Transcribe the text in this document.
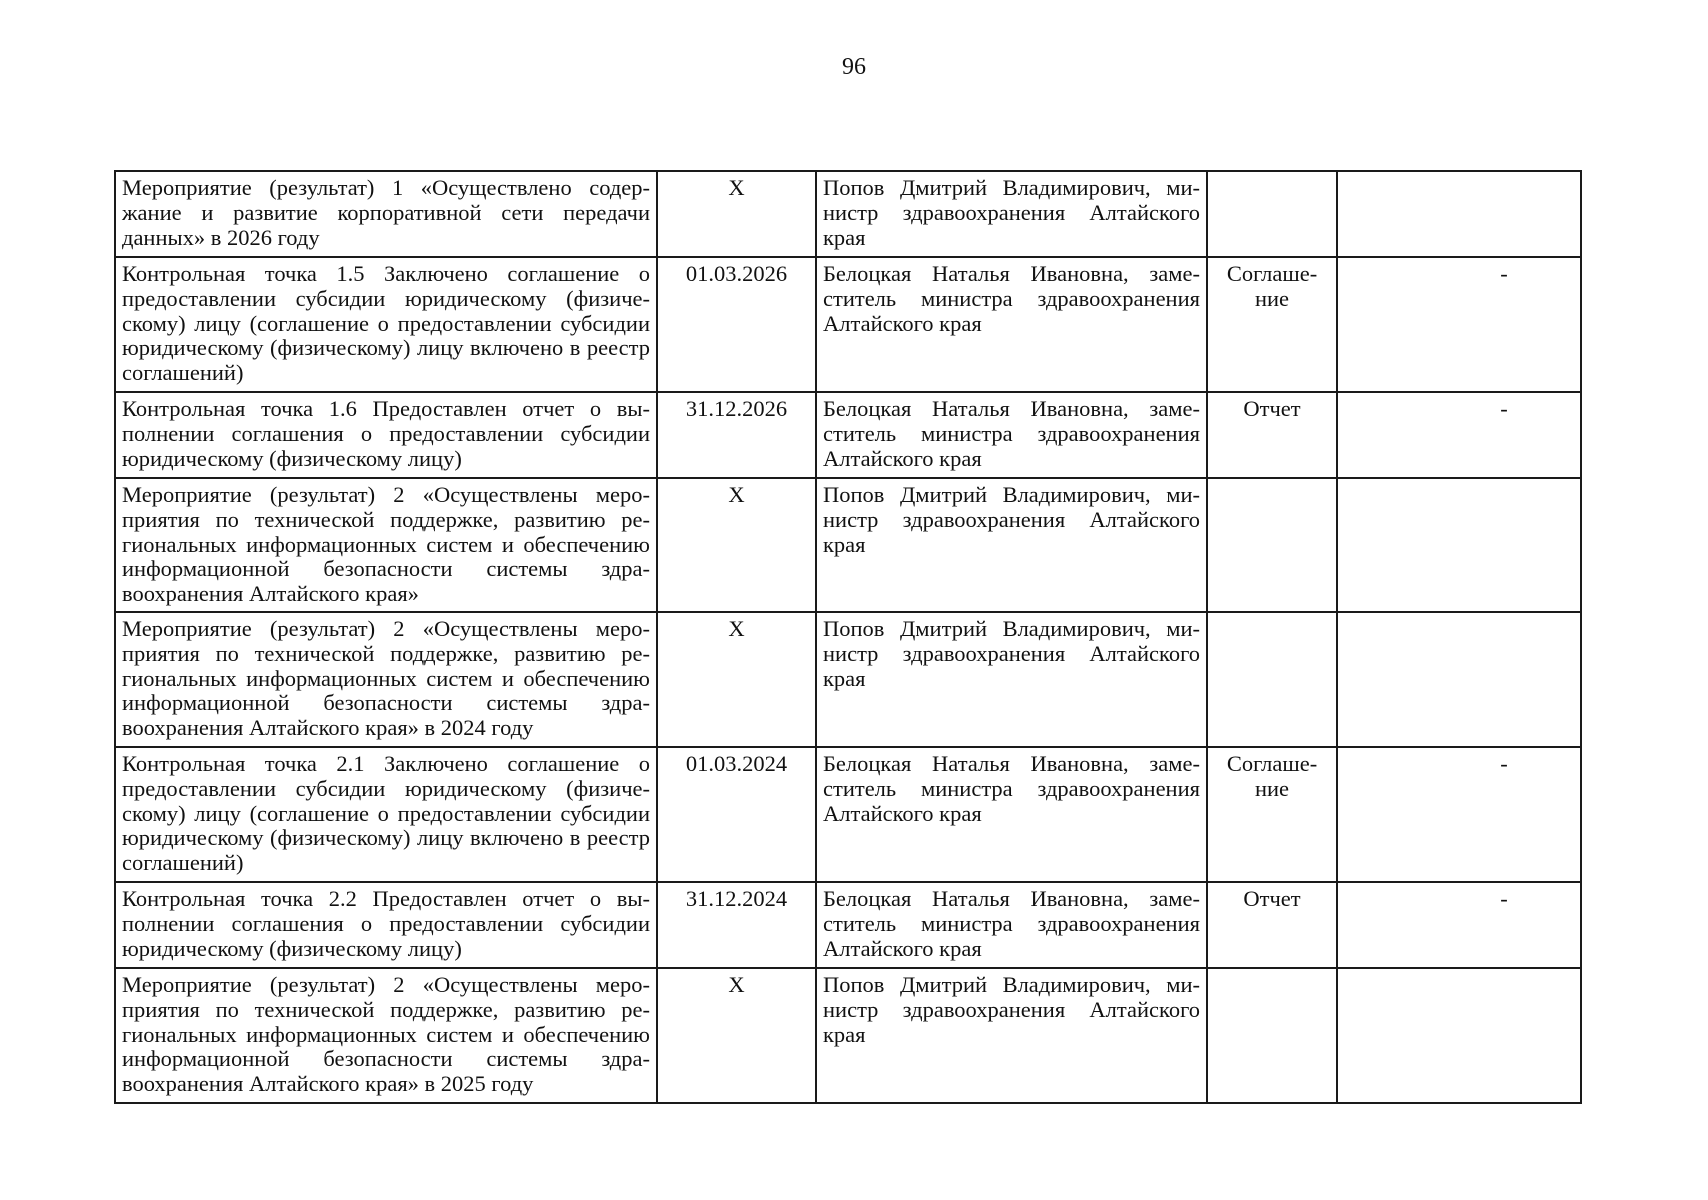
96
Мероприятие (результат) 1 «Осуществлено содержание и развитие корпоративной сети передачи данных» в 2026 году	X	Попов Дмитрий Владимирович, министр здравоохранения Алтайского края		
Контрольная точка 1.5 Заключено соглашение о предоставлении субсидии юридическому (физическому) лицу (соглашение о предоставлении субсидии юридическому (физическому) лицу включено в реестр соглашений)	01.03.2026	Белоцкая Наталья Ивановна, заместитель министра здравоохранения Алтайского края	Соглашение	-
Контрольная точка 1.6 Предоставлен отчет о выполнении соглашения о предоставлении субсидии юридическому (физическому лицу)	31.12.2026	Белоцкая Наталья Ивановна, заместитель министра здравоохранения Алтайского края	Отчет	-
Мероприятие (результат) 2 «Осуществлены мероприятия по технической поддержке, развитию региональных информационных систем и обеспечению информационной безопасности системы здравоохранения Алтайского края»	X	Попов Дмитрий Владимирович, министр здравоохранения Алтайского края		
Мероприятие (результат) 2 «Осуществлены мероприятия по технической поддержке, развитию региональных информационных систем и обеспечению информационной безопасности системы здравоохранения Алтайского края» в 2024 году	X	Попов Дмитрий Владимирович, министр здравоохранения Алтайского края		
Контрольная точка 2.1 Заключено соглашение о предоставлении субсидии юридическому (физическому) лицу (соглашение о предоставлении субсидии юридическому (физическому) лицу включено в реестр соглашений)	01.03.2024	Белоцкая Наталья Ивановна, заместитель министра здравоохранения Алтайского края	Соглашение	-
Контрольная точка 2.2 Предоставлен отчет о выполнении соглашения о предоставлении субсидии юридическому (физическому лицу)	31.12.2024	Белоцкая Наталья Ивановна, заместитель министра здравоохранения Алтайского края	Отчет	-
Мероприятие (результат) 2 «Осуществлены мероприятия по технической поддержке, развитию региональных информационных систем и обеспечению информационной безопасности системы здравоохранения Алтайского края» в 2025 году	X	Попов Дмитрий Владимирович, министр здравоохранения Алтайского края		
